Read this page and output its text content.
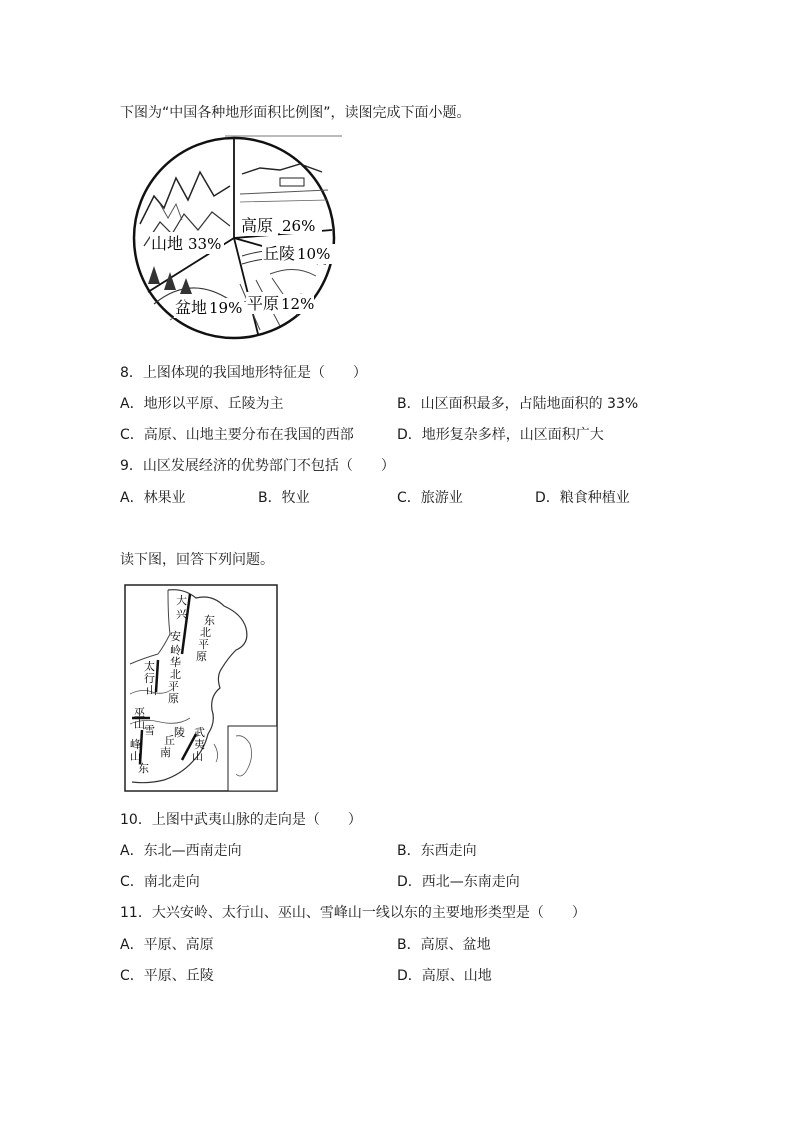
下图为“中国各种地形面积比例图”，读图完成下面小题。
高原 26%
山地 33%	丘陵 10%
盆地 19% 平原 12%
8．上图体现的我国地形特征是（　　）
A．地形以平原、丘陵为主	B．山区面积最多，占陆地面积的 33%
C．高原、山地主要分布在我国的西部	D．地形复杂多样，山区面积广大
9．山区发展经济的优势部门不包括（　　）
A．林果业	B．牧业	C．旅游业	D．粮食种植业
读下图，回答下列问题。
大
兴
安
岭
东
北
平
原
华
北
平
原
太
行
山
巫
山 雪
峰
山
武
夷
山
陵
南
丘
东
10．上图中武夷山脉的走向是（　　）
A．东北—西南走向	B．东西走向
C．南北走向	D．西北—东南走向
11．大兴安岭、太行山、巫山、雪峰山一线以东的主要地形类型是（　　）
A．平原、高原	B．高原、盆地
C．平原、丘陵	D．高原、山地
